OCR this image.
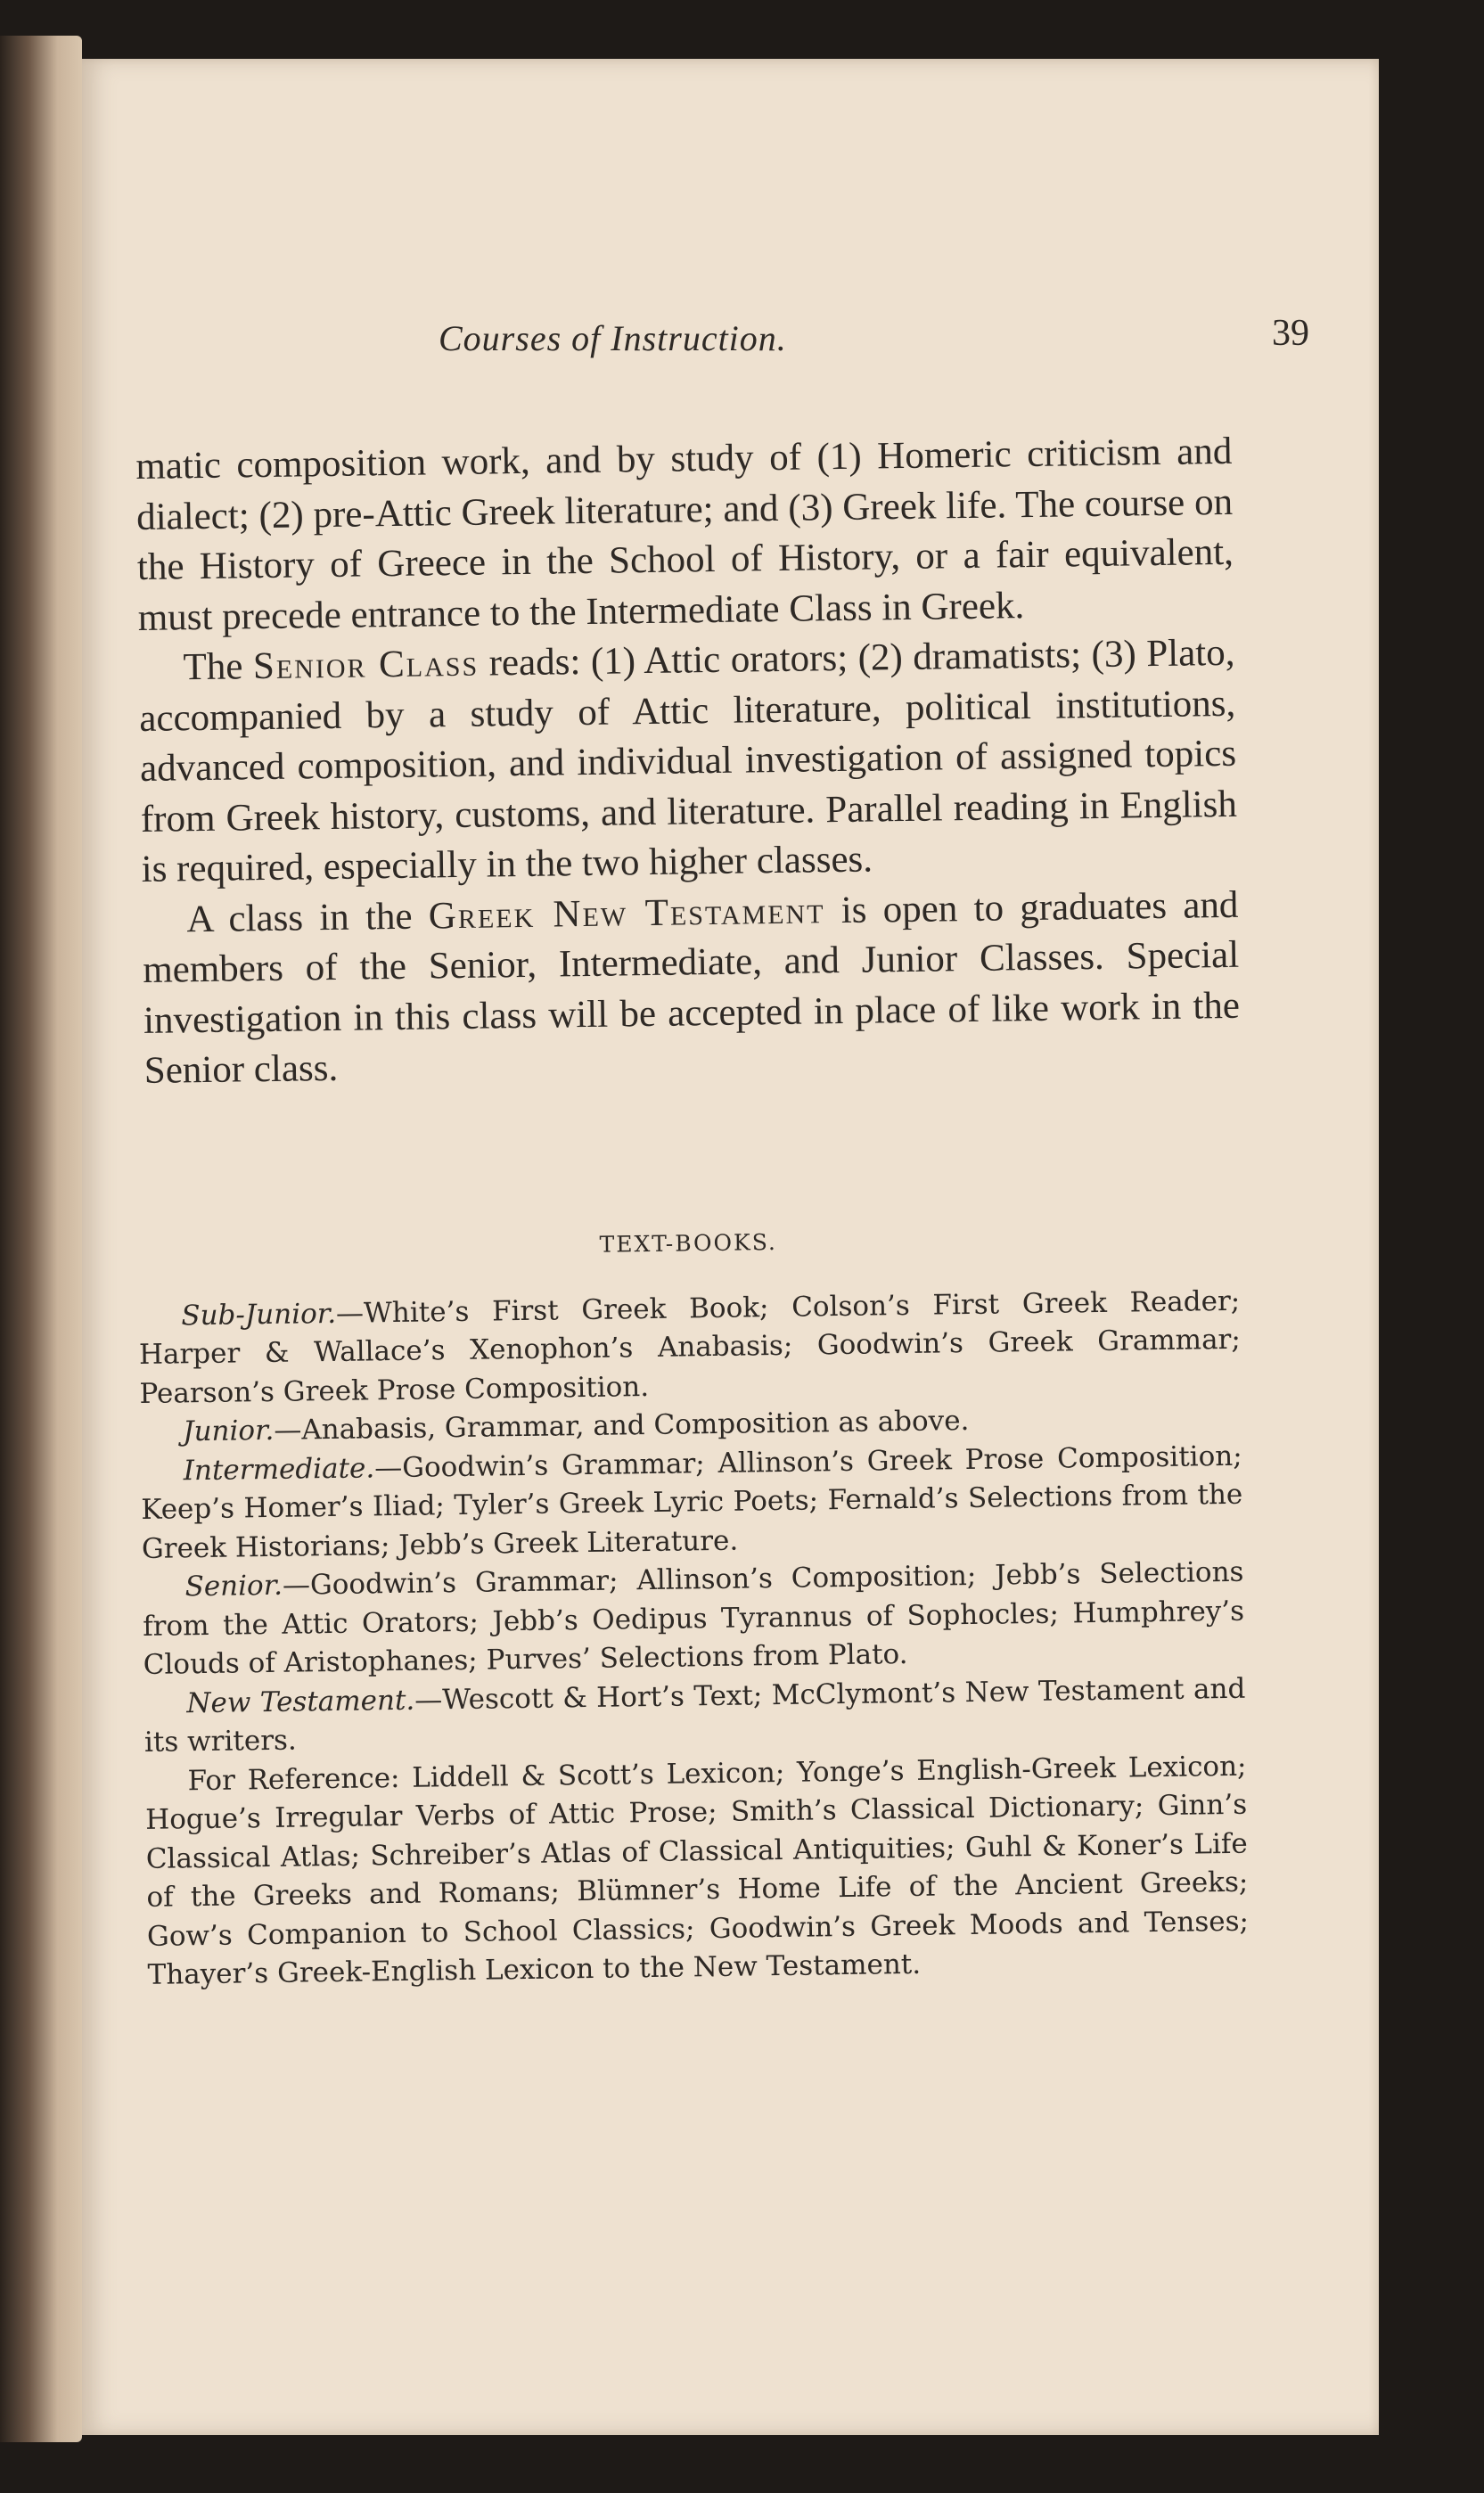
Courses of Instruction.	39

matic composition work, and by study of (1) Homeric criticism and dialect; (2) pre-Attic Greek literature; and (3) Greek life. The course on the History of Greece in the School of History, or a fair equivalent, must precede entrance to the Intermediate Class in Greek.

The Senior Class reads: (1) Attic orators; (2) dramatists; (3) Plato, accompanied by a study of Attic literature, political institutions, advanced composition, and individual investigation of assigned topics from Greek history, customs, and literature. Parallel reading in English is required, especially in the two higher classes.

A class in the Greek New Testament is open to graduates and members of the Senior, Intermediate, and Junior Classes. Special investigation in this class will be accepted in place of like work in the Senior class.

TEXT-BOOKS.

Sub-Junior.—White’s First Greek Book; Colson’s First Greek Reader; Harper & Wallace’s Xenophon’s Anabasis; Goodwin’s Greek Grammar; Pearson’s Greek Prose Composition.

Junior.—Anabasis, Grammar, and Composition as above.

Intermediate.—Goodwin’s Grammar; Allinson’s Greek Prose Composition; Keep’s Homer’s Iliad; Tyler’s Greek Lyric Poets; Fernald’s Selections from the Greek Historians; Jebb’s Greek Literature.

Senior.—Goodwin’s Grammar; Allinson’s Composition; Jebb’s Selections from the Attic Orators; Jebb’s Oedipus Tyrannus of Sophocles; Humphrey’s Clouds of Aristophanes; Purves’ Selections from Plato.

New Testament.—Wescott & Hort’s Text; McClymont’s New Testament and its writers.

For Reference: Liddell & Scott’s Lexicon; Yonge’s English-Greek Lexicon; Hogue’s Irregular Verbs of Attic Prose; Smith’s Classical Dictionary; Ginn’s Classical Atlas; Schreiber’s Atlas of Classical Antiquities; Guhl & Koner’s Life of the Greeks and Romans; Blümner’s Home Life of the Ancient Greeks; Gow’s Companion to School Classics; Goodwin’s Greek Moods and Tenses; Thayer’s Greek-English Lexicon to the New Testament.
